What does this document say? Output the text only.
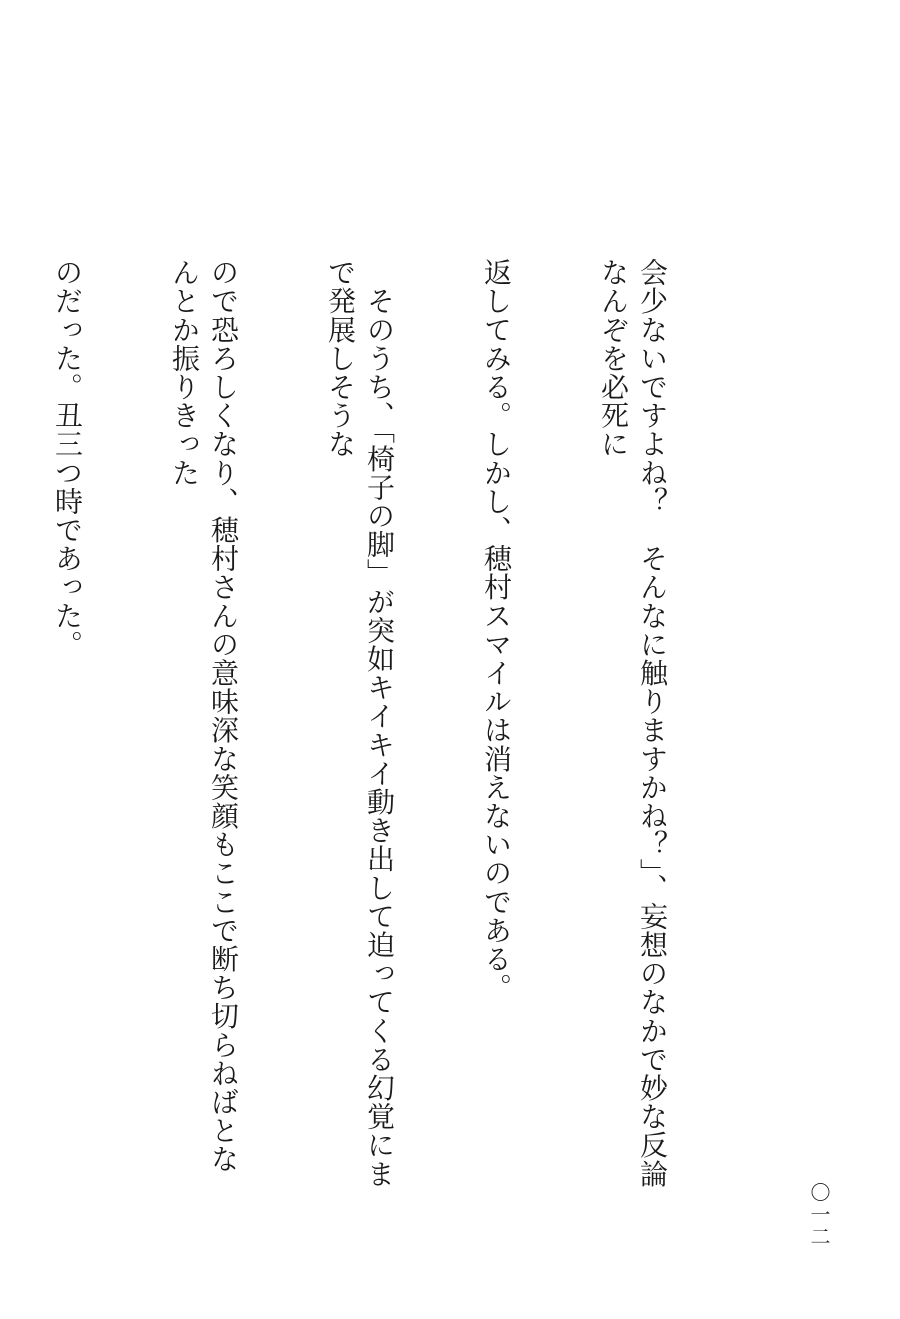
会少ないですよね？　そんなに触りますかね？」、妄想のなかで妙な反論なんぞを必死に

返してみる。しかし、穂村スマイルは消えないのである。

　そのうち、「椅子の脚」が突如キイキイ動き出して迫ってくる幻覚にまで発展しそうな

ので恐ろしくなり、穂村さんの意味深な笑顔もここで断ち切らねばとなんとか振りきった

のだった。丑三つ時であった。

〇一二
